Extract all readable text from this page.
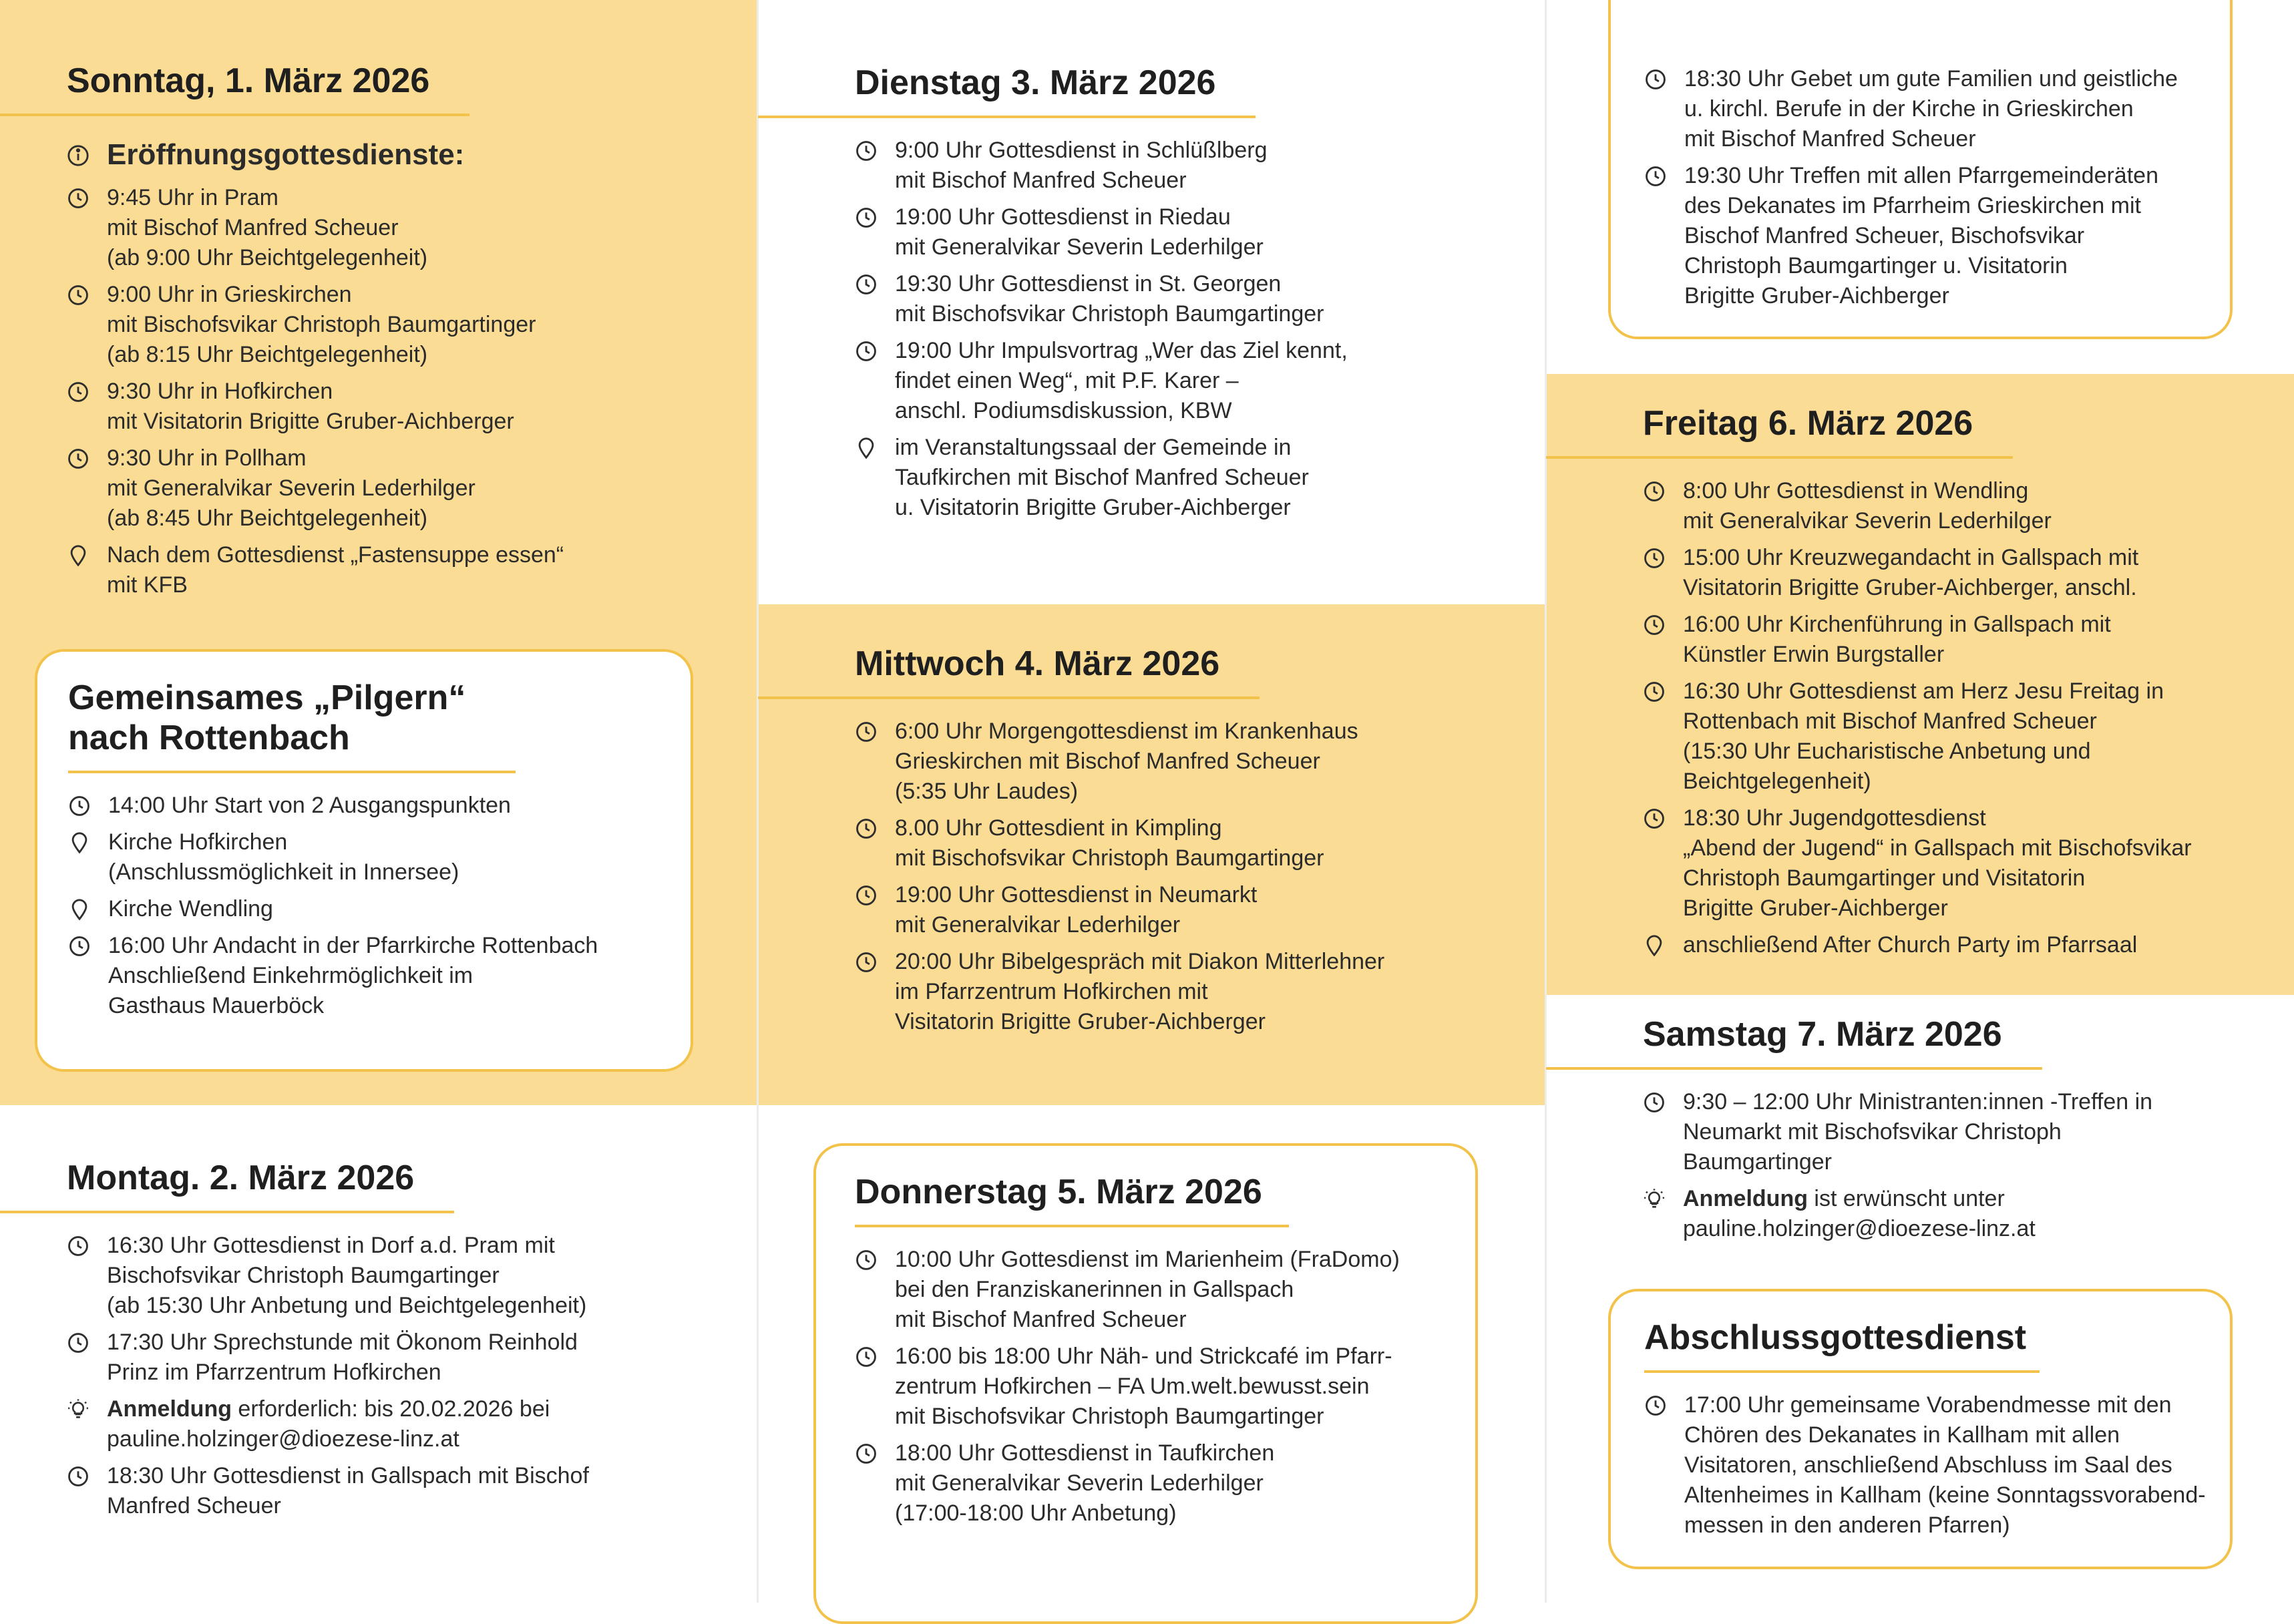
Sonntag, 1. März 2026
Eröffnungsgottesdienste:
9:45 Uhr in Pram
mit Bischof Manfred Scheuer
(ab 9:00 Uhr Beichtgelegenheit)
9:00 Uhr in Grieskirchen
mit Bischofsvikar Christoph Baumgartinger
(ab 8:15 Uhr Beichtgelegenheit)
9:30 Uhr in Hofkirchen
mit Visitatorin Brigitte Gruber-Aichberger
9:30 Uhr in Pollham
mit Generalvikar Severin Lederhilger
(ab 8:45 Uhr Beichtgelegenheit)
Nach dem Gottesdienst „Fastensuppe essen“
mit KFB
Gemeinsames „Pilgern“
nach Rottenbach
14:00 Uhr Start von 2 Ausgangspunkten
Kirche Hofkirchen
(Anschlussmöglichkeit in Innersee)
Kirche Wendling
16:00 Uhr Andacht in der Pfarrkirche Rottenbach
Anschließend Einkehrmöglichkeit im
Gasthaus Mauerböck
Montag. 2. März 2026
16:30 Uhr Gottesdienst in Dorf a.d. Pram mit
Bischofsvikar Christoph Baumgartinger
(ab 15:30 Uhr Anbetung und Beichtgelegenheit)
17:30 Uhr Sprechstunde mit Ökonom Reinhold
Prinz im Pfarrzentrum Hofkirchen
Anmeldung erforderlich: bis 20.02.2026 bei
pauline.holzinger@dioezese-linz.at
18:30 Uhr Gottesdienst in Gallspach mit Bischof
Manfred Scheuer
Dienstag 3. März 2026
9:00 Uhr Gottesdienst in Schlüßlberg
mit Bischof Manfred Scheuer
19:00 Uhr Gottesdienst in Riedau
mit Generalvikar Severin Lederhilger
19:30 Uhr Gottesdienst in St. Georgen
mit Bischofsvikar Christoph Baumgartinger
19:00 Uhr Impulsvortrag „Wer das Ziel kennt,
findet einen Weg“, mit P.F. Karer –
anschl. Podiumsdiskussion, KBW
im Veranstaltungssaal der Gemeinde in
Taufkirchen mit Bischof Manfred Scheuer
u. Visitatorin Brigitte Gruber-Aichberger
Mittwoch 4. März 2026
6:00 Uhr Morgengottesdienst im Krankenhaus
Grieskirchen mit Bischof Manfred Scheuer
(5:35 Uhr Laudes)
8.00 Uhr Gottesdient in Kimpling
mit Bischofsvikar Christoph Baumgartinger
19:00 Uhr Gottesdienst in Neumarkt
mit Generalvikar Lederhilger
20:00 Uhr Bibelgespräch mit Diakon Mitterlehner
im Pfarrzentrum Hofkirchen mit
Visitatorin Brigitte Gruber-Aichberger
Donnerstag 5. März 2026
10:00 Uhr Gottesdienst im Marienheim (FraDomo)
bei den Franziskanerinnen in Gallspach
mit Bischof Manfred Scheuer
16:00 bis 18:00 Uhr Näh- und Strickcafé im Pfarr-
zentrum Hofkirchen – FA Um.welt.bewusst.sein
mit Bischofsvikar Christoph Baumgartinger
18:00 Uhr Gottesdienst in Taufkirchen
mit Generalvikar Severin Lederhilger
(17:00-18:00 Uhr Anbetung)
18:30 Uhr Gebet um gute Familien und geistliche
u. kirchl. Berufe in der Kirche in Grieskirchen
mit Bischof Manfred Scheuer
19:30 Uhr Treffen mit allen Pfarrgemeinderäten
des Dekanates im Pfarrheim Grieskirchen mit
Bischof Manfred Scheuer, Bischofsvikar
Christoph Baumgartinger u. Visitatorin
Brigitte Gruber-Aichberger
Freitag 6. März 2026
8:00 Uhr Gottesdienst in Wendling
mit Generalvikar Severin Lederhilger
15:00 Uhr Kreuzwegandacht in Gallspach mit
Visitatorin Brigitte Gruber-Aichberger, anschl.
16:00 Uhr Kirchenführung in Gallspach mit
Künstler Erwin Burgstaller
16:30 Uhr Gottesdienst am Herz Jesu Freitag in
Rottenbach mit Bischof Manfred Scheuer
(15:30 Uhr Eucharistische Anbetung und
Beichtgelegenheit)
18:30 Uhr Jugendgottesdienst
„Abend der Jugend“ in Gallspach mit Bischofsvikar
Christoph Baumgartinger und Visitatorin
Brigitte Gruber-Aichberger
anschließend After Church Party im Pfarrsaal
Samstag 7. März 2026
9:30 – 12:00 Uhr Ministranten:innen -Treffen in
Neumarkt mit Bischofsvikar Christoph
Baumgartinger
Anmeldung ist erwünscht unter
pauline.holzinger@dioezese-linz.at
Abschlussgottesdienst
17:00 Uhr gemeinsame Vorabendmesse mit den
Chören des Dekanates in Kallham mit allen
Visitatoren, anschließend Abschluss im Saal des
Altenheimes in Kallham (keine Sonntagssvorabend-
messen in den anderen Pfarren)
